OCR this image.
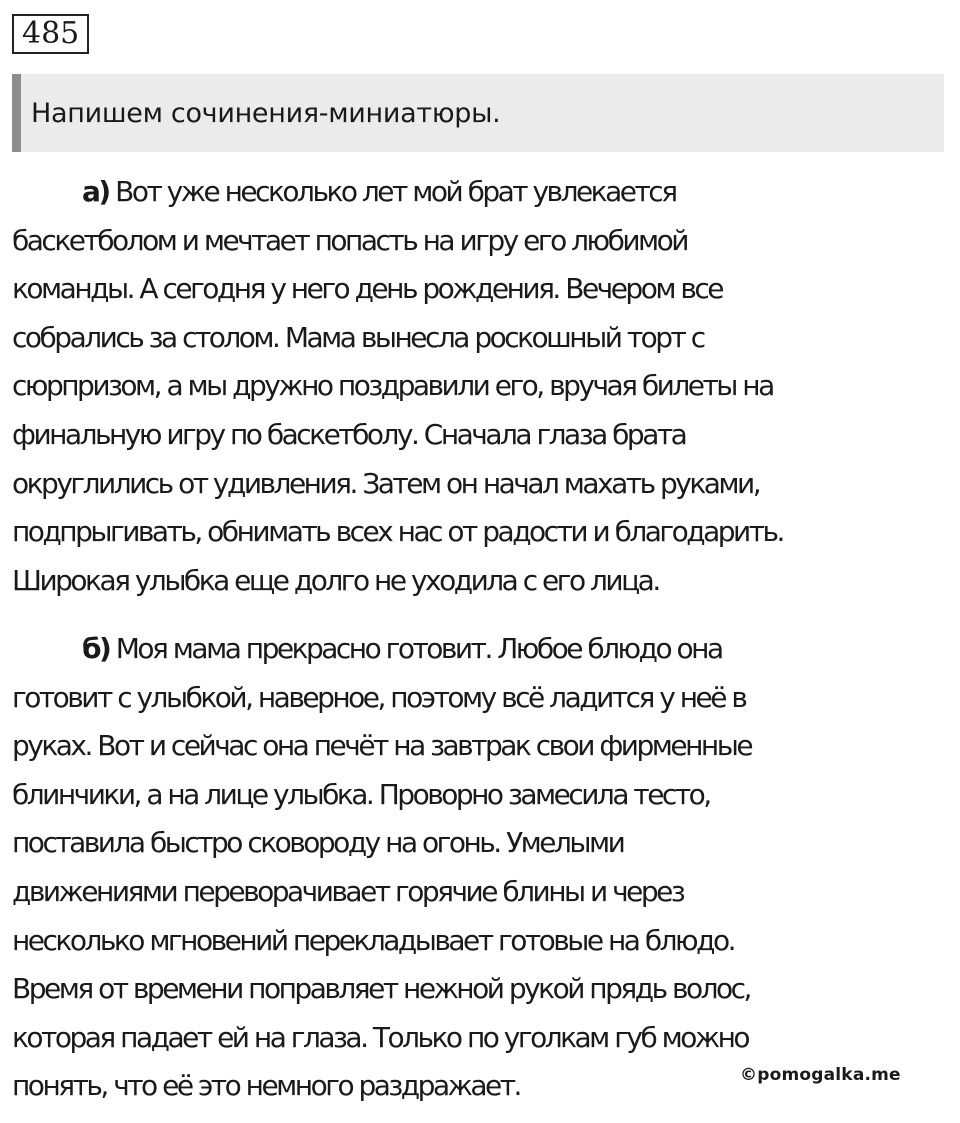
485
Напишем сочинения-миниатюры.
а) Вот уже несколько лет мой брат увлекается
баскетболом и мечтает попасть на игру его любимой
команды. А сегодня у него день рождения. Вечером все
собрались за столом. Мама вынесла роскошный торт с
сюрпризом, а мы дружно поздравили его, вручая билеты на
финальную игру по баскетболу. Сначала глаза брата
округлились от удивления. Затем он начал махать руками,
подпрыгивать, обнимать всех нас от радости и благодарить.
Широкая улыбка еще долго не уходила с его лица.
б) Моя мама прекрасно готовит. Любое блюдо она
готовит с улыбкой, наверное, поэтому всё ладится у неё в
руках. Вот и сейчас она печёт на завтрак свои фирменные
блинчики, а на лице улыбка. Проворно замесила тесто,
поставила быстро сковороду на огонь. Умелыми
движениями переворачивает горячие блины и через
несколько мгновений перекладывает готовые на блюдо.
Время от времени поправляет нежной рукой прядь волос,
которая падает ей на глаза. Только по уголкам губ можно
понять, что её это немного раздражает.	©pomogalka.me
